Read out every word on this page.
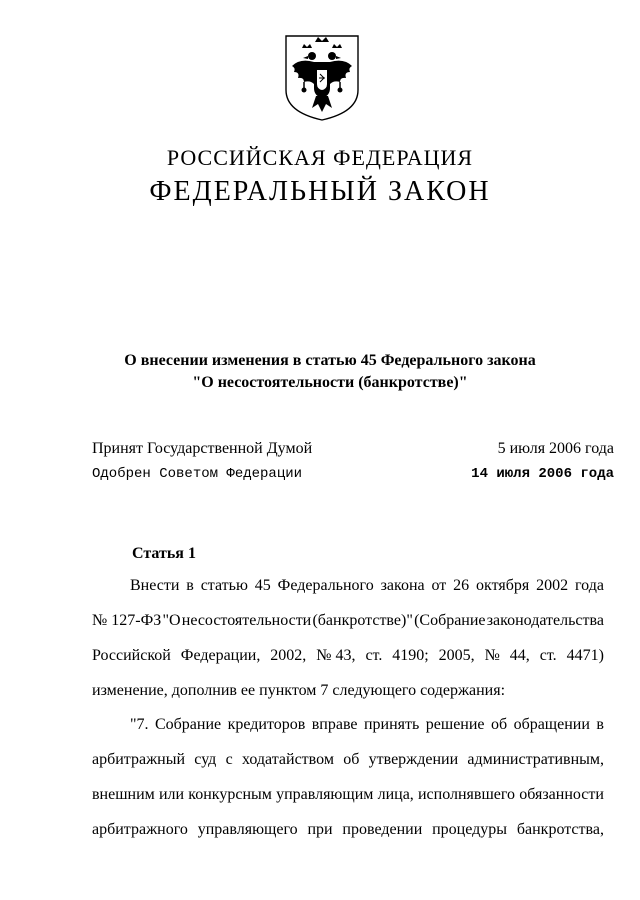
РОССИЙСКАЯ ФЕДЕРАЦИЯ
ФЕДЕРАЛЬНЫЙ ЗАКОН
О внесении изменения в статью 45 Федерального закона
"О несостоятельности (банкротстве)"
Принят Государственной Думой	5 июля 2006 года
Одобрен Советом Федерации	14 июля 2006 года
Статья 1
Внести в статью 45 Федерального закона от 26 октября 2002 года
№ 127-ФЗ "О несостоятельности (банкротстве)" (Собрание законодательства
Российской Федерации, 2002, № 43, ст. 4190; 2005, № 44, ст. 4471)
изменение, дополнив ее пунктом 7 следующего содержания:
"7. Собрание кредиторов вправе принять решение об обращении в
арбитражный суд с ходатайством об утверждении административным,
внешним или конкурсным управляющим лица, исполнявшего обязанности
арбитражного управляющего при проведении процедуры банкротства,
